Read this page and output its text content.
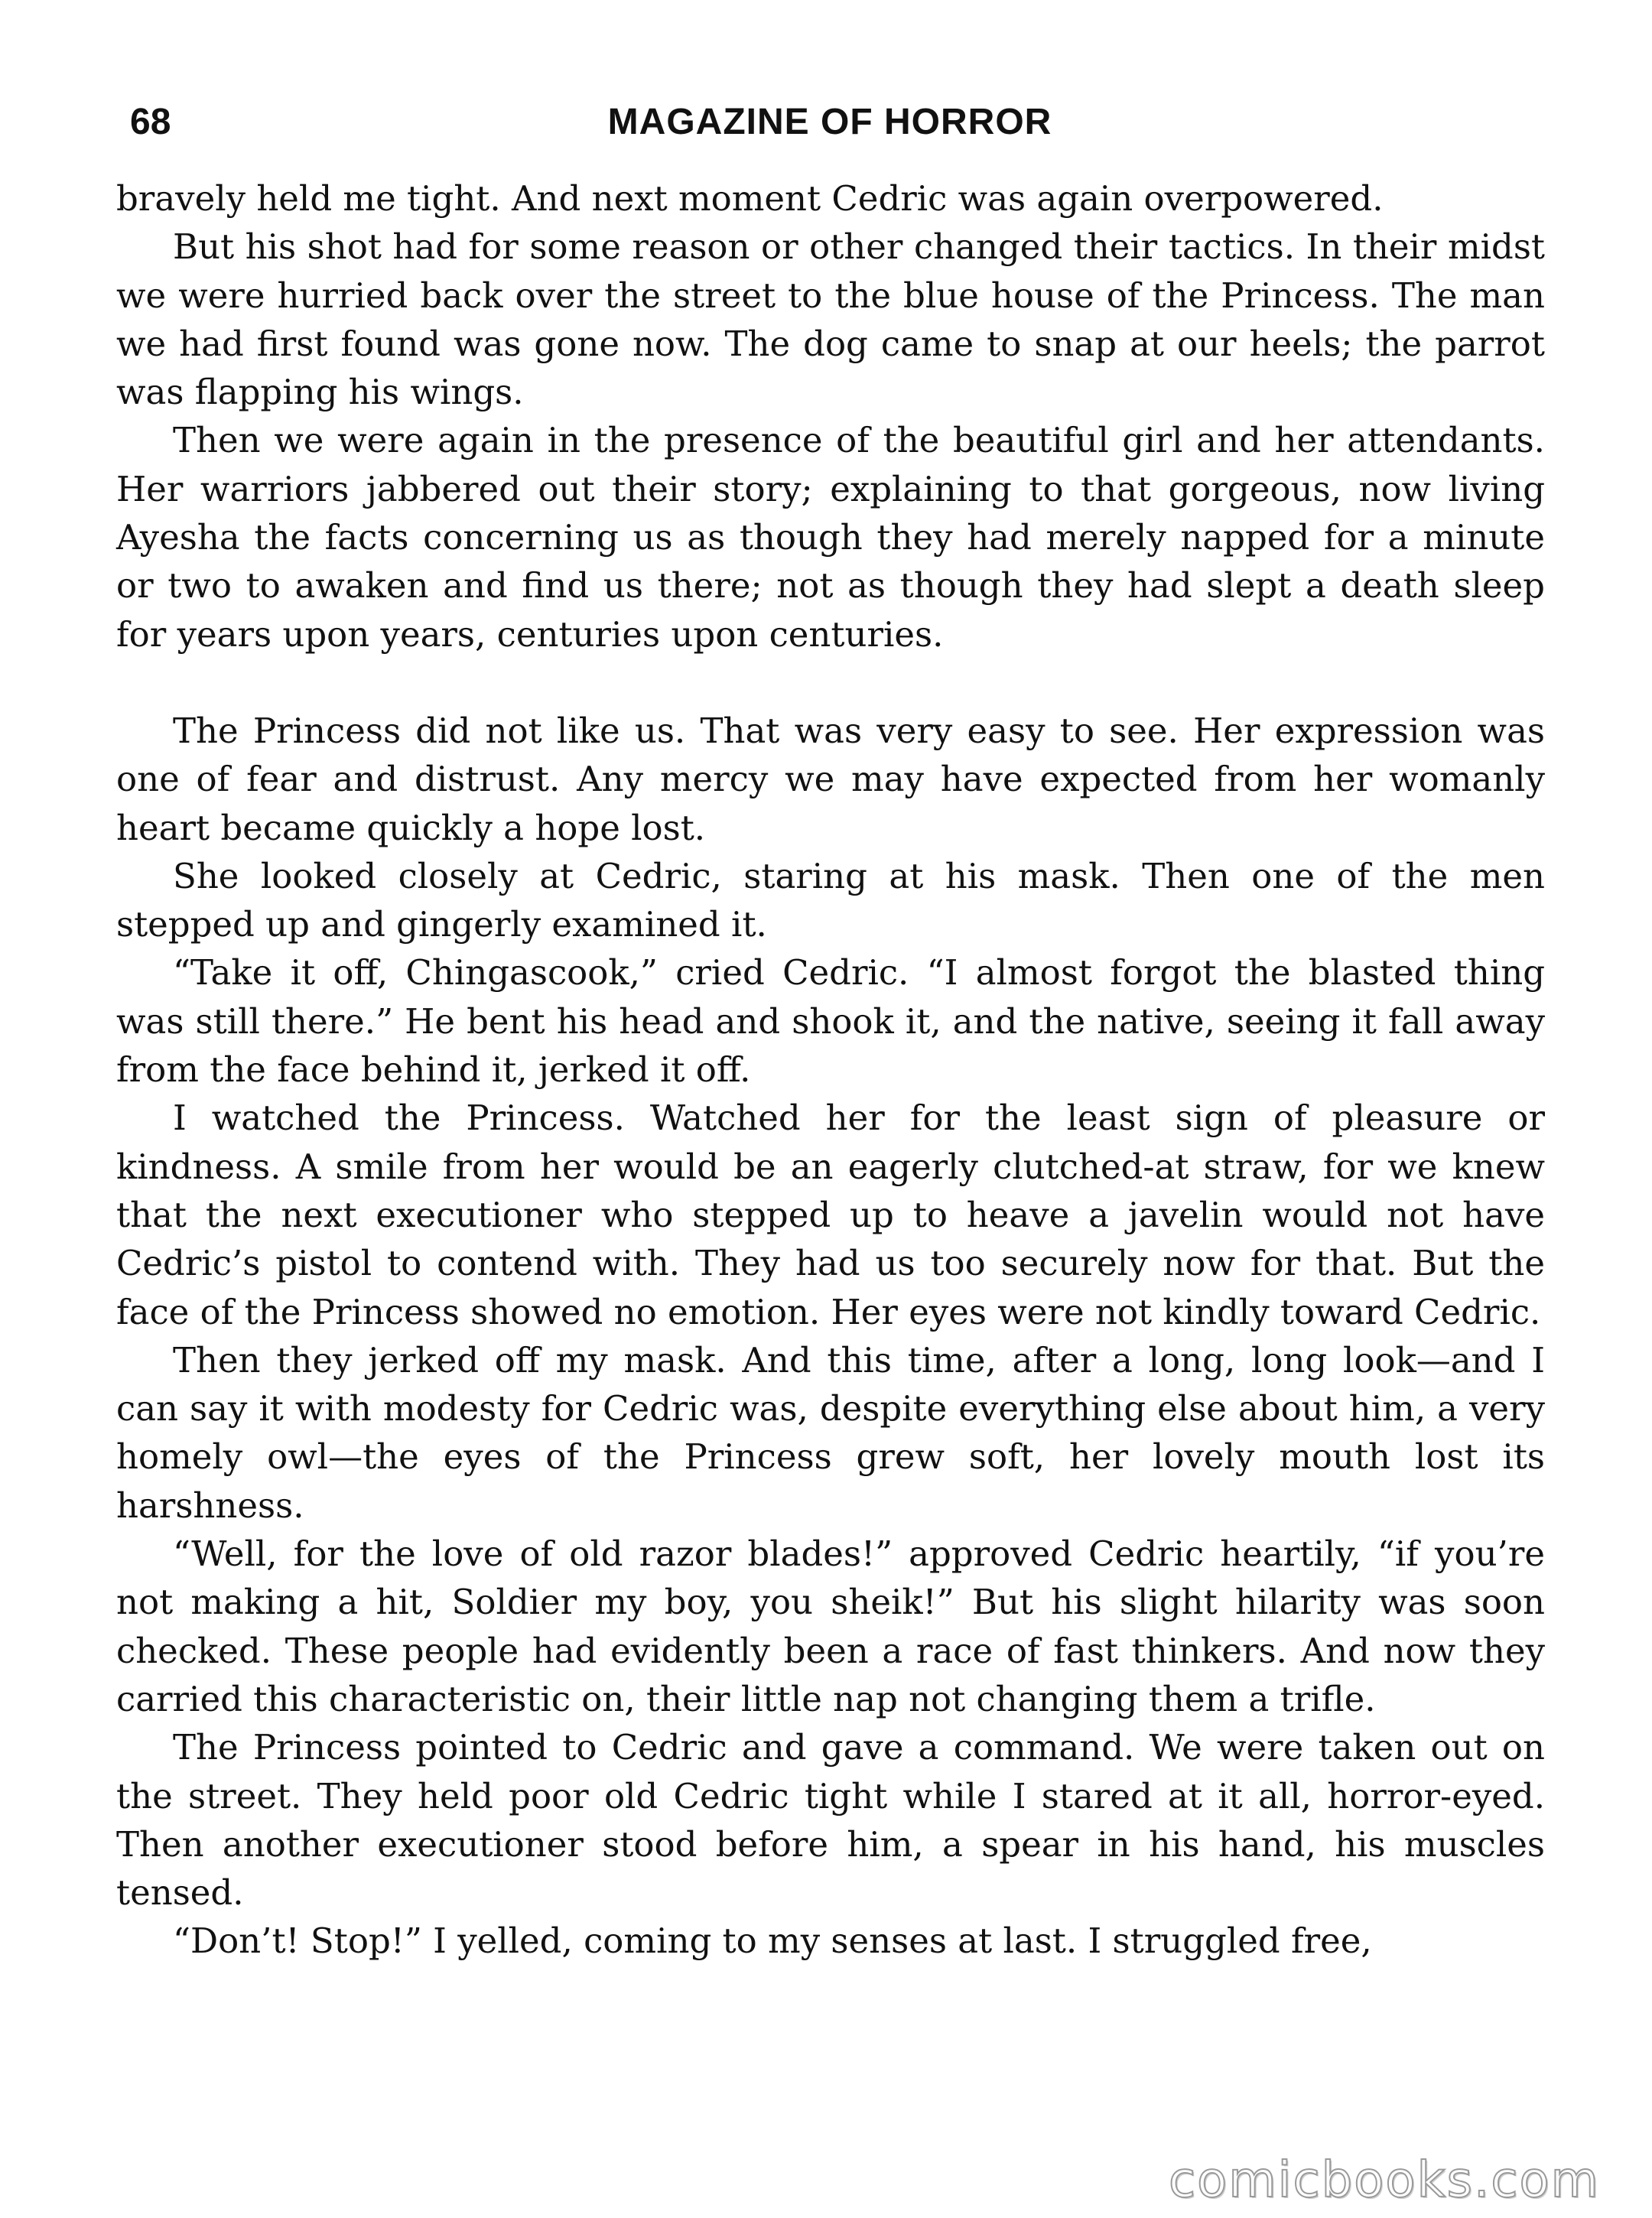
68	MAGAZINE OF HORROR

bravely held me tight. And next moment Cedric was again overpowered.

But his shot had for some reason or other changed their tactics. In their midst we were hurried back over the street to the blue house of the Princess. The man we had first found was gone now. The dog came to snap at our heels; the parrot was flapping his wings.

Then we were again in the presence of the beautiful girl and her attendants. Her warriors jabbered out their story; explaining to that gorgeous, now living Ayesha the facts concerning us as though they had merely napped for a minute or two to awaken and find us there; not as though they had slept a death sleep for years upon years, centuries upon centuries.

The Princess did not like us. That was very easy to see. Her expression was one of fear and distrust. Any mercy we may have expected from her womanly heart became quickly a hope lost.

She looked closely at Cedric, staring at his mask. Then one of the men stepped up and gingerly examined it.

“Take it off, Chingascook,” cried Cedric. “I almost forgot the blasted thing was still there.” He bent his head and shook it, and the native, seeing it fall away from the face behind it, jerked it off.

I watched the Princess. Watched her for the least sign of pleasure or kindness. A smile from her would be an eagerly clutched-at straw, for we knew that the next executioner who stepped up to heave a javelin would not have Cedric’s pistol to contend with. They had us too securely now for that. But the face of the Princess showed no emotion. Her eyes were not kindly toward Cedric.

Then they jerked off my mask. And this time, after a long, long look—and I can say it with modesty for Cedric was, despite everything else about him, a very homely owl—the eyes of the Princess grew soft, her lovely mouth lost its harshness.

“Well, for the love of old razor blades!” approved Cedric heartily, “if you’re not making a hit, Soldier my boy, you sheik!” But his slight hilarity was soon checked. These people had evidently been a race of fast thinkers. And now they carried this characteristic on, their little nap not changing them a trifle.

The Princess pointed to Cedric and gave a command. We were taken out on the street. They held poor old Cedric tight while I stared at it all, horror-eyed. Then another executioner stood before him, a spear in his hand, his muscles tensed.

“Don’t! Stop!” I yelled, coming to my senses at last. I struggled free,

comicbooks.com
